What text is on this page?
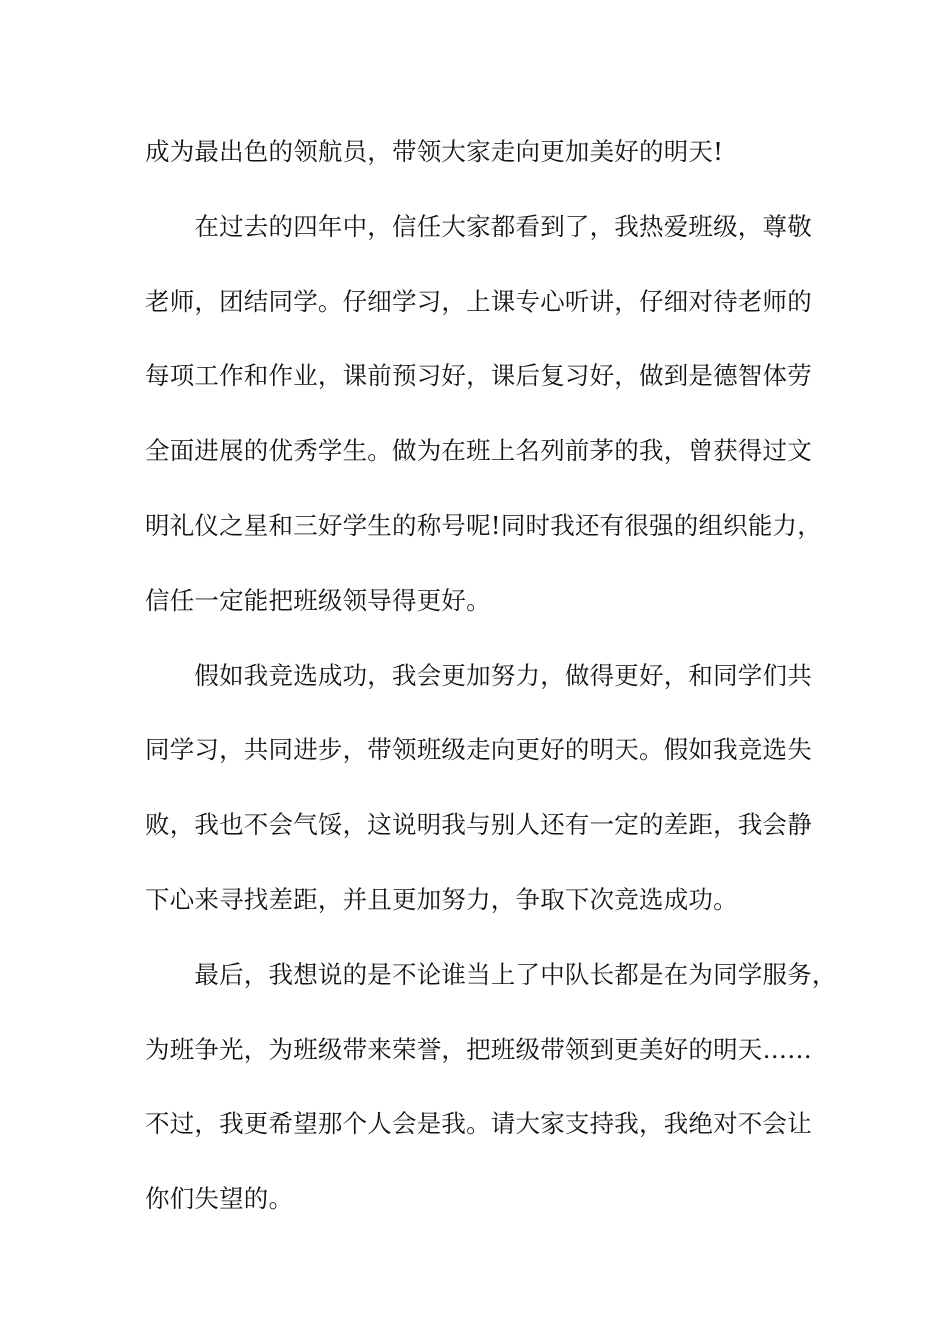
成为最出色的领航员，带领大家走向更加美好的明天!
　　在过去的四年中，信任大家都看到了，我热爱班级，尊敬
老师，团结同学。仔细学习，上课专心听讲，仔细对待老师的
每项工作和作业，课前预习好，课后复习好，做到是德智体劳
全面进展的优秀学生。做为在班上名列前茅的我，曾获得过文
明礼仪之星和三好学生的称号呢!同时我还有很强的组织能力，
信任一定能把班级领导得更好。
　　假如我竞选成功，我会更加努力，做得更好，和同学们共
同学习，共同进步，带领班级走向更好的明天。假如我竞选失
败，我也不会气馁，这说明我与别人还有一定的差距，我会静
下心来寻找差距，并且更加努力，争取下次竞选成功。
　　最后，我想说的是不论谁当上了中队长都是在为同学服务，
为班争光，为班级带来荣誉，把班级带领到更美好的明天……
不过，我更希望那个人会是我。请大家支持我，我绝对不会让
你们失望的。
